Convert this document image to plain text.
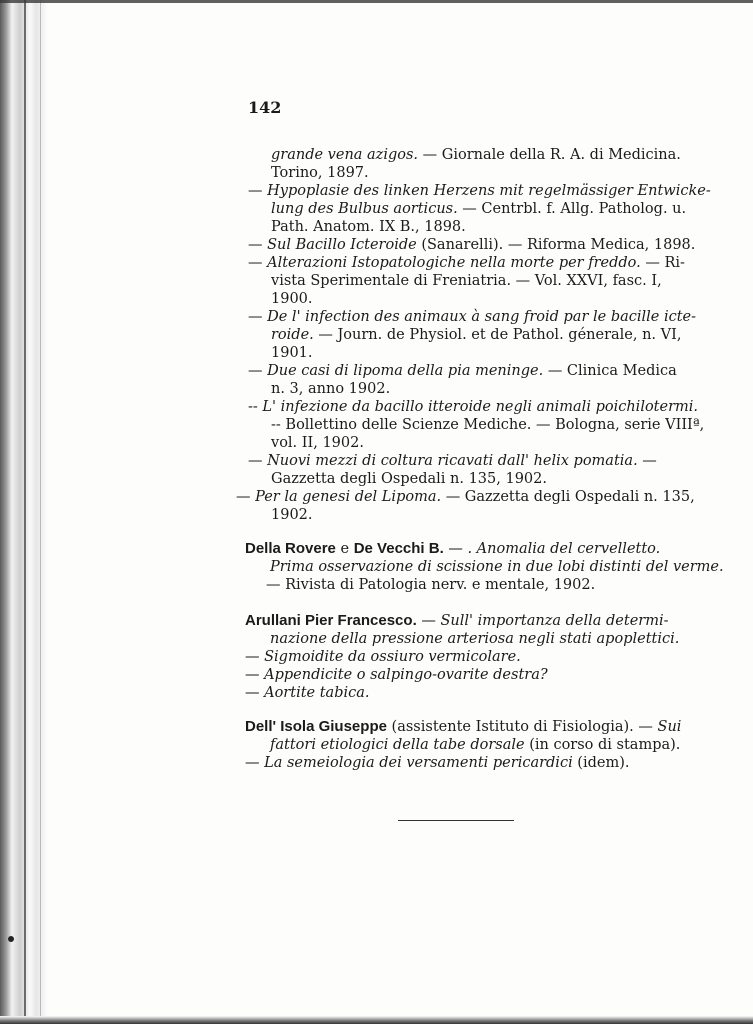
142
grande vena azigos. — Giornale della R. A. di Medicina.
Torino, 1897.
— Hypoplasie des linken Herzens mit regelmässiger Entwicke-
lung des Bulbus aorticus. — Centrbl. f. Allg. Patholog. u.
Path. Anatom. IX B., 1898.
— Sul Bacillo Icteroide (Sanarelli). — Riforma Medica, 1898.
— Alterazioni Istopatologiche nella morte per freddo. — Ri-
vista Sperimentale di Freniatria. — Vol. XXVI, fasc. I,
1900.
— De l' infection des animaux à sang froid par le bacille icte-
roide. — Journ. de Physiol. et de Pathol. génerale, n. VI,
1901.
— Due casi di lipoma della pia meninge. — Clinica Medica
n. 3, anno 1902.
-- L' infezione da bacillo itteroide negli animali poichilotermi.
-- Bollettino delle Scienze Mediche. — Bologna, serie VIIIª,
vol. II, 1902.
— Nuovi mezzi di coltura ricavati dall' helix pomatia. —
Gazzetta degli Ospedali n. 135, 1902.
— Per la genesi del Lipoma. — Gazzetta degli Ospedali n. 135,
1902.
Della Rovere e De Vecchi B. — . Anomalia del cervelletto.
Prima osservazione di scissione in due lobi distinti del verme.
— Rivista di Patologia nerv. e mentale, 1902.
Arullani Pier Francesco. — Sull' importanza della determi-
nazione della pressione arteriosa negli stati apoplettici.
— Sigmoidite da ossiuro vermicolare.
— Appendicite o salpingo-ovarite destra?
— Aortite tabica.
Dell' Isola Giuseppe (assistente Istituto di Fisiologia). — Sui
fattori etiologici della tabe dorsale (in corso di stampa).
— La semeiologia dei versamenti pericardici (idem).
